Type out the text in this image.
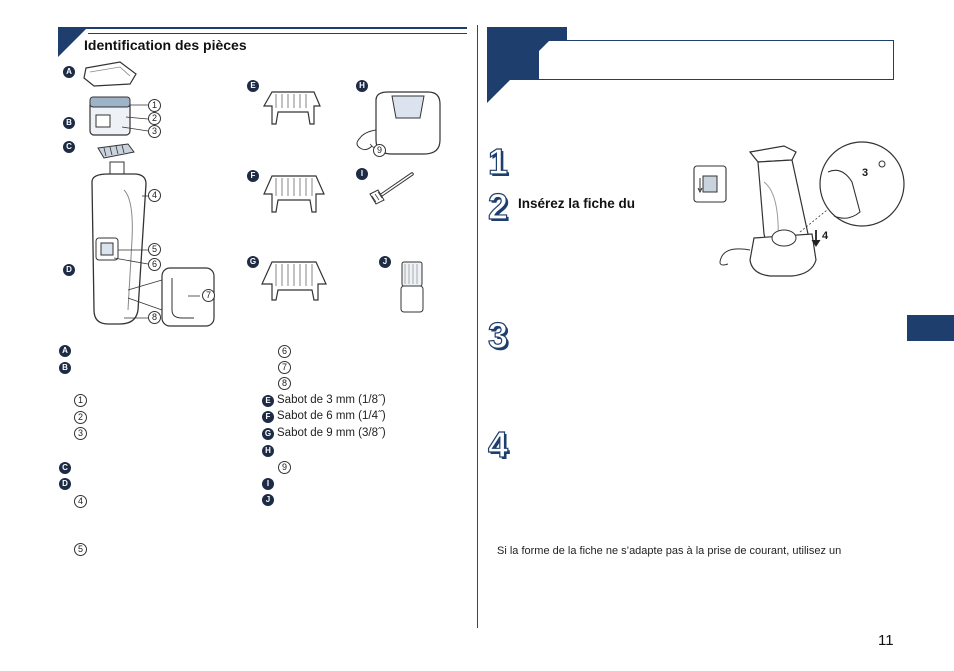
Identification des pièces
A
B
1
2
3
C
D
4
5
6
7
8
E
F
G
H
9
I
J
A
B
1
2
3
C
D
4
5
6
7
8
E Sabot de 3 mm (1/8˝)
F Sabot de 6 mm (1/4˝)
G Sabot de 9 mm (3/8˝)
H
9
I
J
1
2 Insérez la fiche du
3
4
3
4
Si la forme de la fiche ne s’adapte pas à la prise de courant, utilisez un
11
